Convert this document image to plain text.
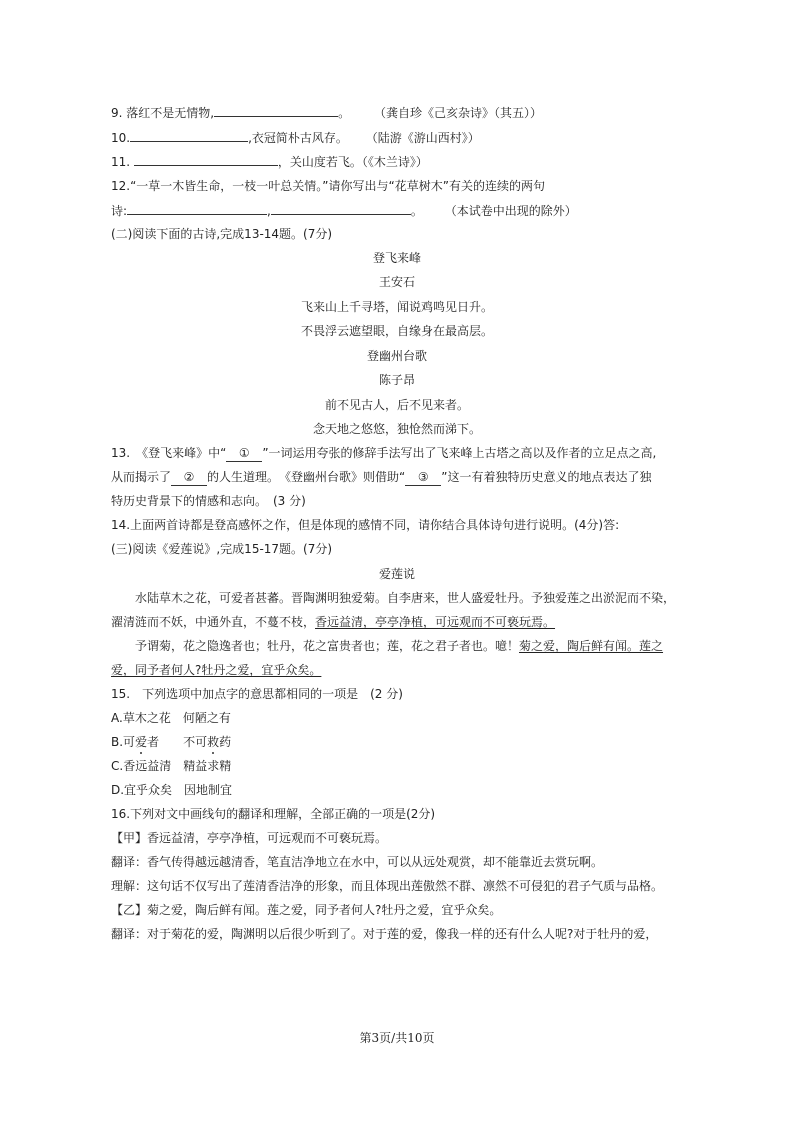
9. 落红不是无情物,	。 （龚自珍《己亥杂诗》（其五））
10.	,衣冠简朴古风存。 （陆游《游山西村》）
11.	，关山度若飞。（《木兰诗》）
12.“一草一木皆生命，一枝一叶总关情。”请你写出与“花草树木”有关的连续的两句
诗:	,	。 （本试卷中出现的除外）
(二)阅读下面的古诗,完成13-14题。(7分)
登飞来峰
王安石
飞来山上千寻塔，闻说鸡鸣见日升。
不畏浮云遮望眼，自缘身在最高层。
登幽州台歌
陈子昂
前不见古人，后不见来者。
念天地之悠悠，独怆然而涕下。
13.　《登飞来峰》中“ ① ”一词运用夸张的修辞手法写出了飞来峰上古塔之高以及作者的立足点之高,
从而揭示了 ② 的人生道理。　《登幽州台歌》则借助“ ③ ”这一有着独特历史意义的地点表达了独
特历史背景下的情感和志向。　(3 分)
14.上面两首诗都是登高感怀之作，但是体现的感情不同，请你结合具体诗句进行说明。(4分)答:
(三)阅读《爱莲说》,完成15-17题。(7分)
爱莲说
水陆草木之花，可爱者甚蕃。晋陶渊明独爱菊。自李唐来，世人盛爱牡丹。予独爱莲之出淤泥而不染，
濯清涟而不妖，中通外直，不蔓不枝，香远益清，亭亭净植，可远观而不可亵玩焉。
予谓菊，花之隐逸者也；牡丹，花之富贵者也；莲，花之君子者也。噫！菊之爱，陶后鲜有闻。莲之
爱，同予者何人?牡丹之爱，宜乎众矣。
15.　下列选项中加点字的意思都相同的一项是　(2 分)
A.草木之花　何陋之有
B.可爱者　　不可救药
C.香远益清　精益求精
D.宜乎众矣　因地制宜
16.下列对文中画线句的翻译和理解，全部正确的一项是(2分)
【甲】香远益清，亭亭净植，可远观而不可亵玩焉。
翻译：香气传得越远越清香，笔直洁净地立在水中，可以从远处观赏，却不能靠近去赏玩啊。
理解：这句话不仅写出了莲清香洁净的形象，而且体现出莲傲然不群、凛然不可侵犯的君子气质与品格。
【乙】菊之爱，陶后鲜有闻。莲之爱，同予者何人?牡丹之爱，宜乎众矣。
翻译：对于菊花的爱，陶渊明以后很少听到了。对于莲的爱，像我一样的还有什么人呢?对于牡丹的爱，
第3页/共10页
